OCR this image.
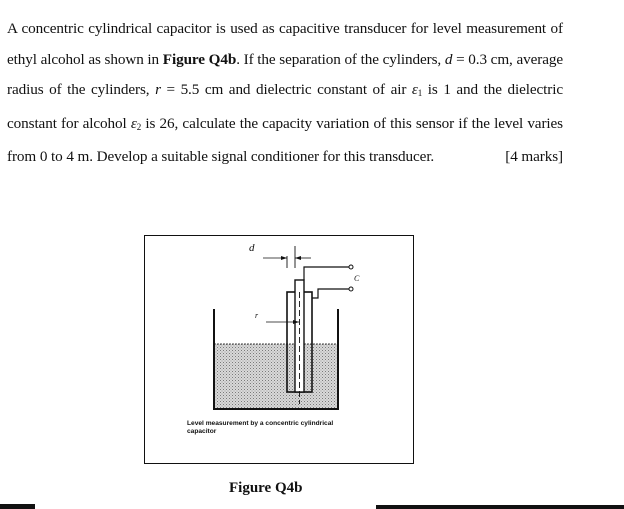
A concentric cylindrical capacitor is used as capacitive transducer for level measurement of ethyl alcohol as shown in Figure Q4b. If the separation of the cylinders, d = 0.3 cm, average radius of the cylinders, r = 5.5 cm and dielectric constant of air $\varepsilon_1$ is 1 and the dielectric constant for alcohol $\varepsilon_2$ is 26, calculate the capacity variation of this sensor if the level varies from 0 to 4 m. Develop a suitable signal conditioner for this transducer.	[4 marks]
d
r
C
Level measurement by a concentric cylindrical
capacitor
Figure Q4b
